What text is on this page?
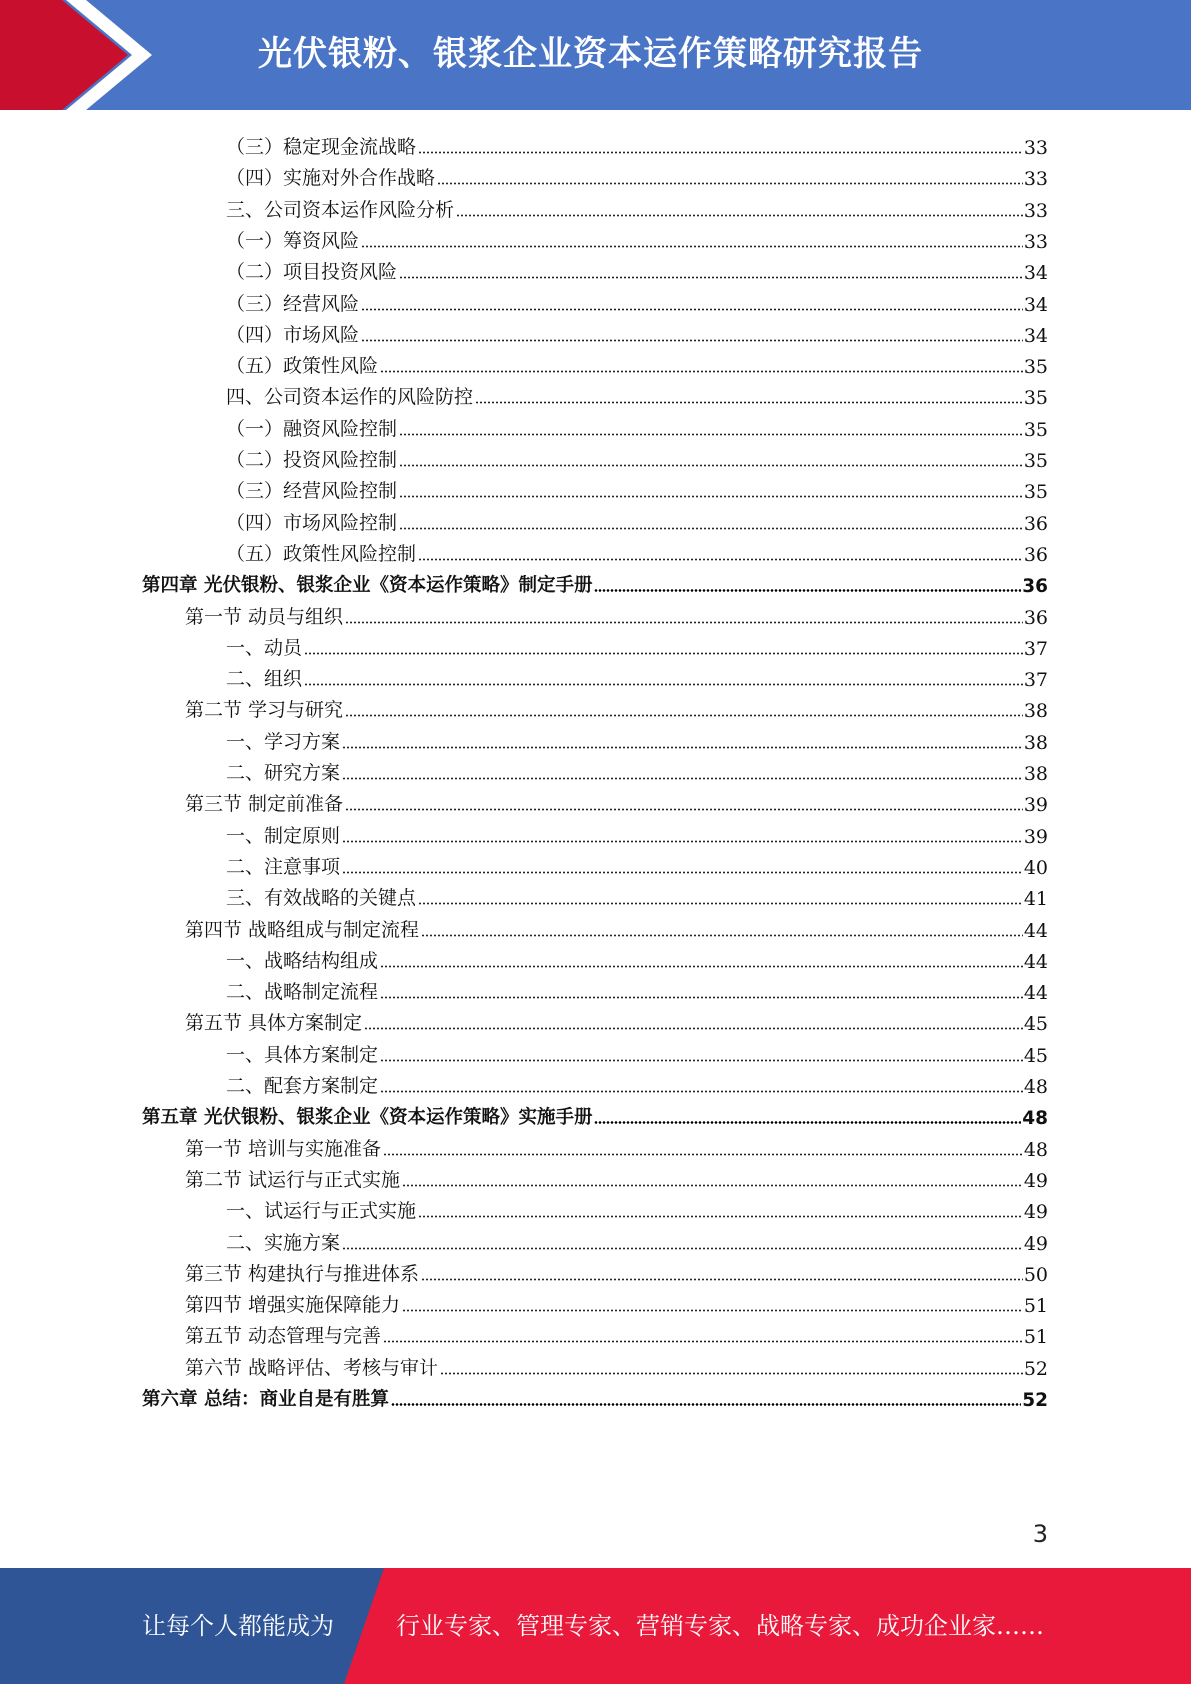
光伏银粉、银浆企业资本运作策略研究报告
（三）稳定现金流战略	33
（四）实施对外合作战略	33
三、公司资本运作风险分析	33
（一）筹资风险	33
（二）项目投资风险	34
（三）经营风险	34
（四）市场风险	34
（五）政策性风险	35
四、公司资本运作的风险防控	35
（一）融资风险控制	35
（二）投资风险控制	35
（三）经营风险控制	35
（四）市场风险控制	36
（五）政策性风险控制	36
第四章 光伏银粉、银浆企业《资本运作策略》制定手册	36
第一节 动员与组织	36
一、动员	37
二、组织	37
第二节 学习与研究	38
一、学习方案	38
二、研究方案	38
第三节 制定前准备	39
一、制定原则	39
二、注意事项	40
三、有效战略的关键点	41
第四节 战略组成与制定流程	44
一、战略结构组成	44
二、战略制定流程	44
第五节 具体方案制定	45
一、具体方案制定	45
二、配套方案制定	48
第五章 光伏银粉、银浆企业《资本运作策略》实施手册	48
第一节 培训与实施准备	48
第二节 试运行与正式实施	49
一、试运行与正式实施	49
二、实施方案	49
第三节 构建执行与推进体系	50
第四节 增强实施保障能力	51
第五节 动态管理与完善	51
第六节 战略评估、考核与审计	52
第六章 总结：商业自是有胜算	52
3
让每个人都能成为	行业专家、管理专家、营销专家、战略专家、成功企业家……
